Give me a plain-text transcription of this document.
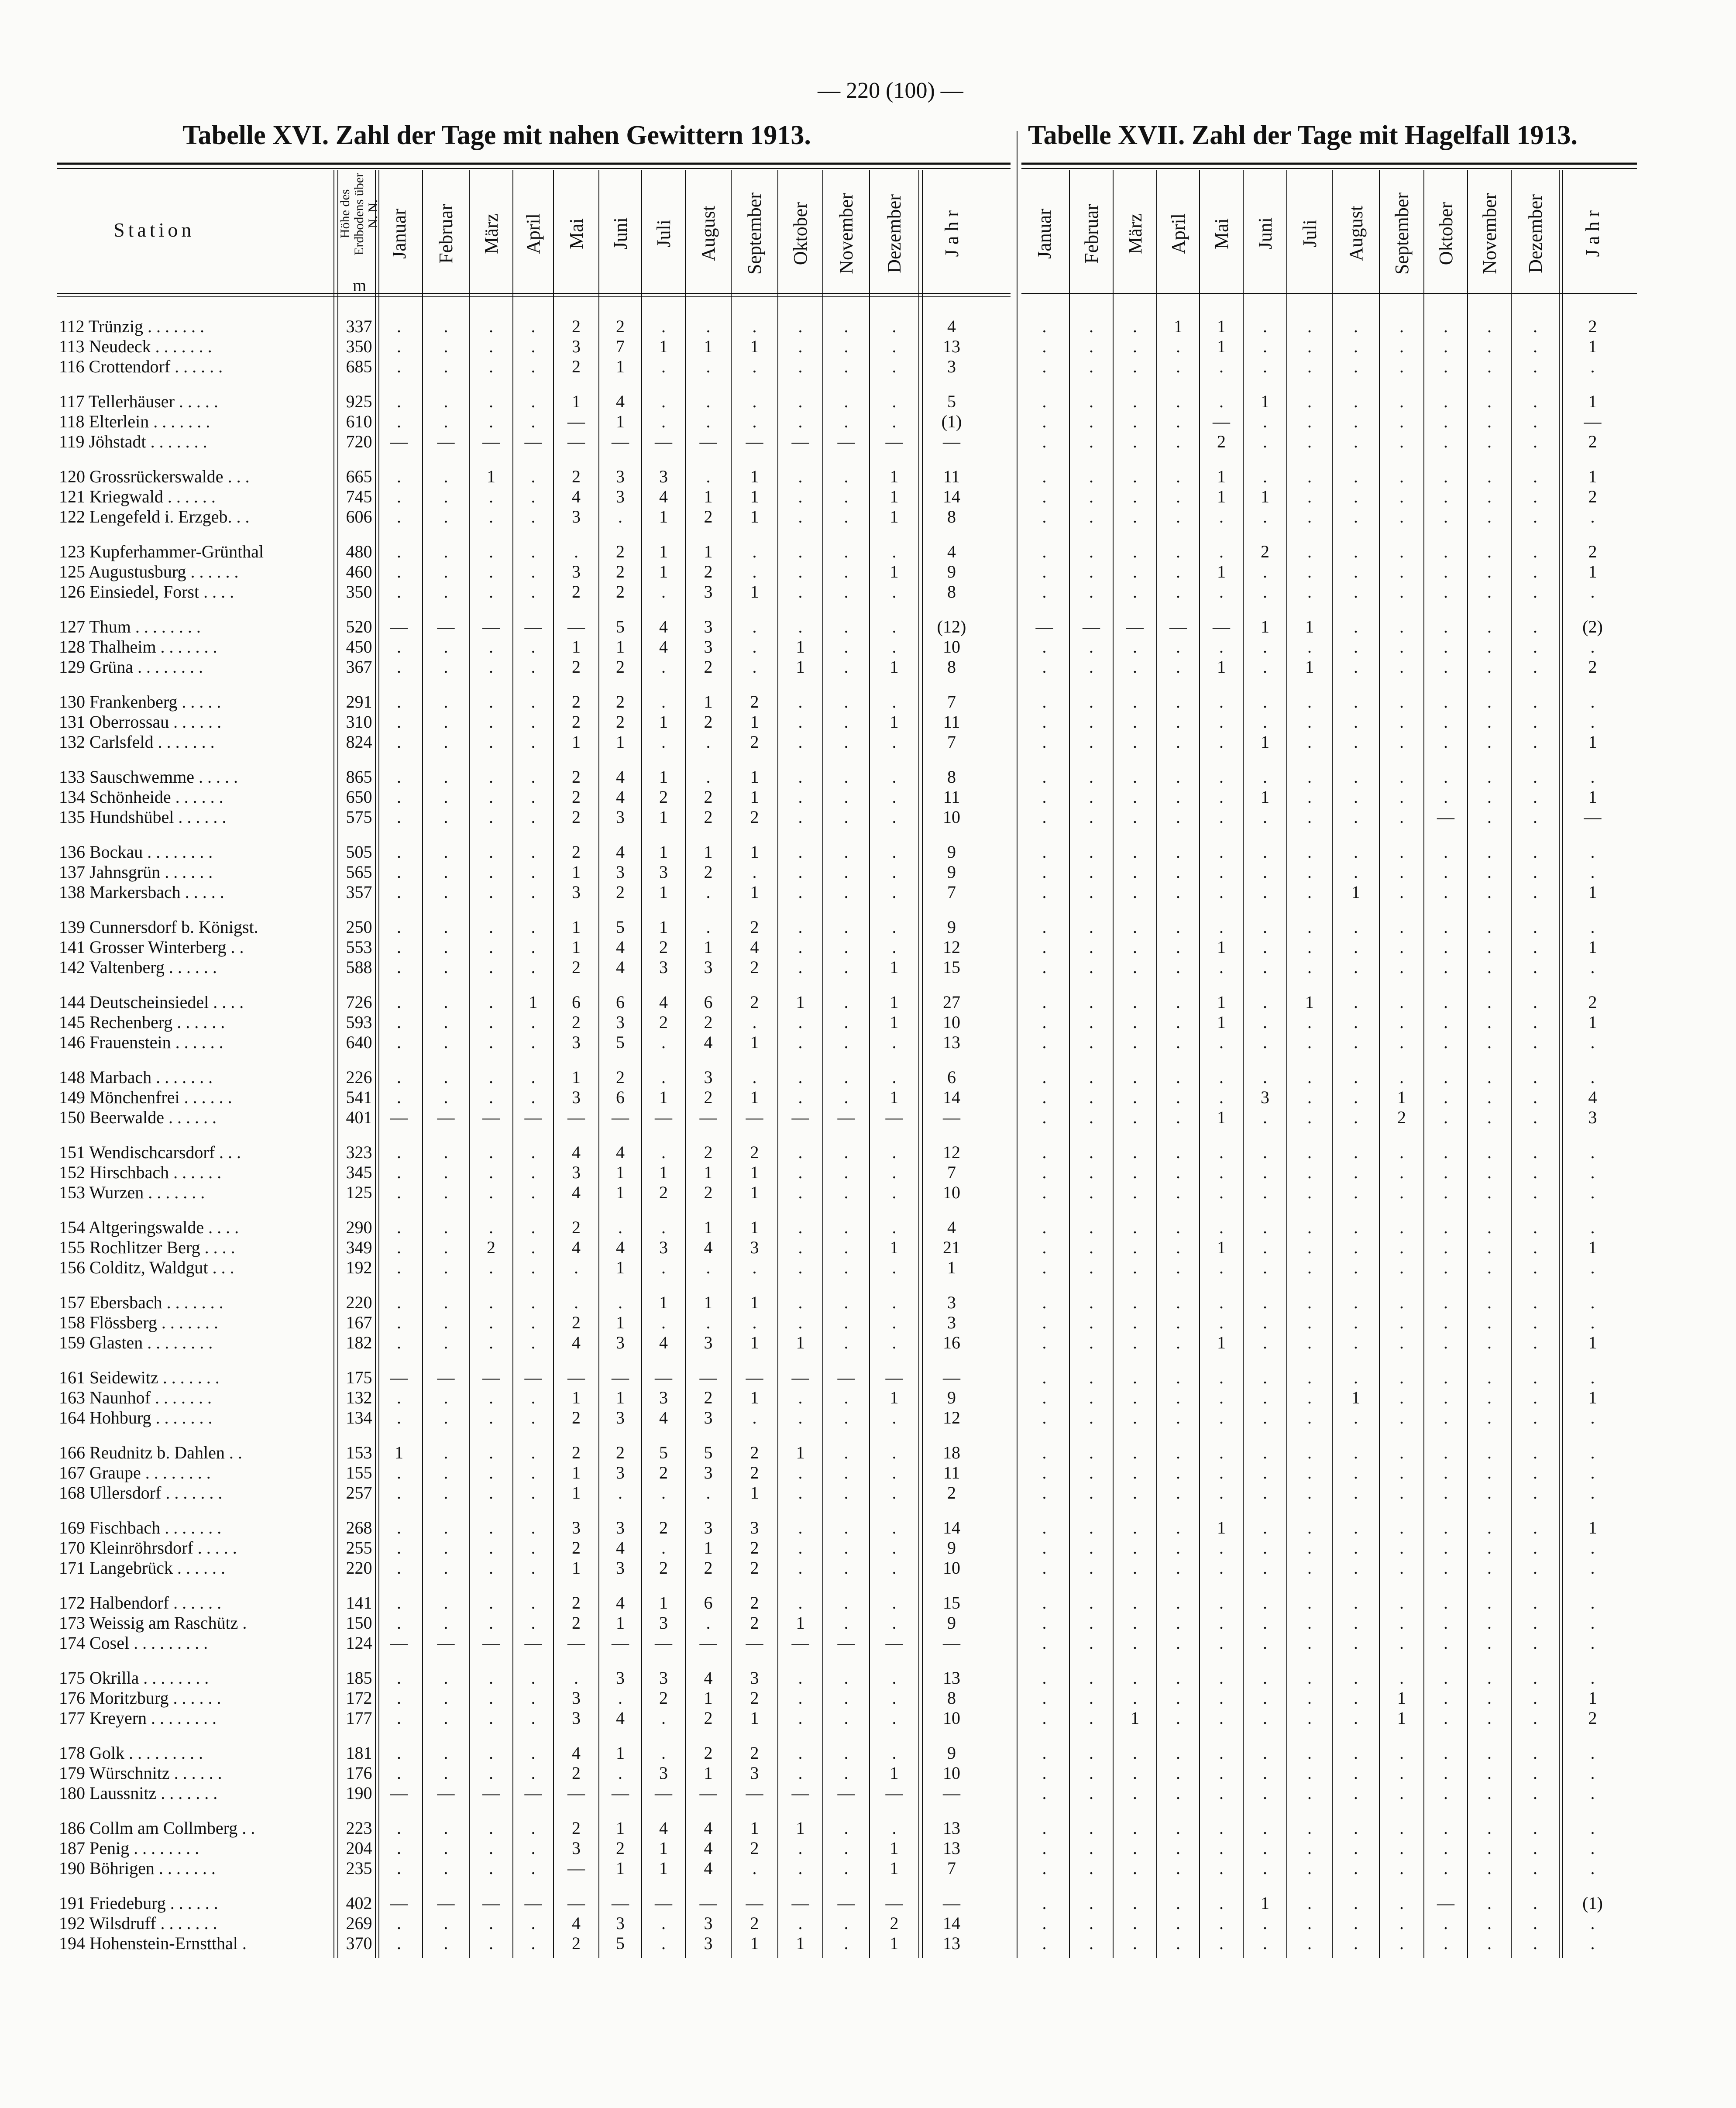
— 220 (100) —
Tabelle XVI. Zahl der Tage mit nahen Gewittern 1913.	Tabelle XVII. Zahl der Tage mit Hagelfall 1913.
Station	Höhe des Erdbodens über N. N.
m
Januar Februar März April Mai Juni Juli August September Oktober November Dezember J a h r	Januar Februar März April Mai Juni Juli August September Oktober November Dezember J a h r
112 Trünzig . . . . . . .	337	.	.	.	.	2	2	.	.	.	.	.	.	4	.	.	.	1	1	.	.	.	.	.	.	.	2
113 Neudeck . . . . . . .	350	.	.	.	.	3	7	1	1	1	.	.	.	13	.	.	.	.	1	.	.	.	.	.	.	.	1
116 Crottendorf . . . . . .	685	.	.	.	.	2	1	.	.	.	.	.	.	3	.	.	.	.	.	.	.	.	.	.	.	.	.
117 Tellerhäuser . . . . .	925	.	.	.	.	1	4	.	.	.	.	.	.	5	.	.	.	.	.	1	.	.	.	.	.	.	1
118 Elterlein . . . . . . .	610	.	.	.	.	—	1	.	.	.	.	.	.	(1)	.	.	.	.	—	.	.	.	.	.	.	.	—
119 Jöhstadt . . . . . . .	720	—	—	—	—	—	—	—	—	—	—	—	—	—	.	.	.	.	2	.	.	.	.	.	.	.	2
120 Grossrückerswalde . . .	665	.	.	1	.	2	3	3	.	1	.	.	1	11	.	.	.	.	1	.	.	.	.	.	.	.	1
121 Kriegwald . . . . . .	745	.	.	.	.	4	3	4	1	1	.	.	1	14	.	.	.	.	1	1	.	.	.	.	.	.	2
122 Lengefeld i. Erzgeb. . .	606	.	.	.	.	3	.	1	2	1	.	.	1	8	.	.	.	.	.	.	.	.	.	.	.	.	.
123 Kupferhammer-Grünthal	480	.	.	.	.	.	2	1	1	.	.	.	.	4	.	.	.	.	.	2	.	.	.	.	.	.	2
125 Augustusburg . . . . . .	460	.	.	.	.	3	2	1	2	.	.	.	1	9	.	.	.	.	1	.	.	.	.	.	.	.	1
126 Einsiedel, Forst . . . .	350	.	.	.	.	2	2	.	3	1	.	.	.	8	.	.	.	.	.	.	.	.	.	.	.	.	.
127 Thum . . . . . . . .	520	—	—	—	—	—	5	4	3	.	.	.	.	(12)	—	—	—	—	—	1	1	.	.	.	.	.	(2)
128 Thalheim . . . . . . .	450	.	.	.	.	1	1	4	3	.	1	.	.	10	.	.	.	.	.	.	.	.	.	.	.	.	.
129 Grüna . . . . . . . .	367	.	.	.	.	2	2	.	2	.	1	.	1	8	.	.	.	.	1	.	1	.	.	.	.	.	2
130 Frankenberg . . . . .	291	.	.	.	.	2	2	.	1	2	.	.	.	7	.	.	.	.	.	.	.	.	.	.	.	.	.
131 Oberrossau . . . . . .	310	.	.	.	.	2	2	1	2	1	.	.	1	11	.	.	.	.	.	.	.	.	.	.	.	.	.
132 Carlsfeld . . . . . . .	824	.	.	.	.	1	1	.	.	2	.	.	.	7	.	.	.	.	.	1	.	.	.	.	.	.	1
133 Sauschwemme . . . . .	865	.	.	.	.	2	4	1	.	1	.	.	.	8	.	.	.	.	.	.	.	.	.	.	.	.	.
134 Schönheide . . . . . .	650	.	.	.	.	2	4	2	2	1	.	.	.	11	.	.	.	.	.	1	.	.	.	.	.	.	1
135 Hundshübel . . . . . .	575	.	.	.	.	2	3	1	2	2	.	.	.	10	.	.	.	.	.	.	.	.	.	—	.	.	—
136 Bockau . . . . . . . .	505	.	.	.	.	2	4	1	1	1	.	.	.	9	.	.	.	.	.	.	.	.	.	.	.	.	.
137 Jahnsgrün . . . . . .	565	.	.	.	.	1	3	3	2	.	.	.	.	9	.	.	.	.	.	.	.	.	.	.	.	.	.
138 Markersbach . . . . .	357	.	.	.	.	3	2	1	.	1	.	.	.	7	.	.	.	.	.	.	.	1	.	.	.	.	1
139 Cunnersdorf b. Königst.	250	.	.	.	.	1	5	1	.	2	.	.	.	9	.	.	.	.	.	.	.	.	.	.	.	.	.
141 Grosser Winterberg . .	553	.	.	.	.	1	4	2	1	4	.	.	.	12	.	.	.	.	1	.	.	.	.	.	.	.	1
142 Valtenberg . . . . . .	588	.	.	.	.	2	4	3	3	2	.	.	1	15	.	.	.	.	.	.	.	.	.	.	.	.	.
144 Deutscheinsiedel . . . .	726	.	.	.	1	6	6	4	6	2	1	.	1	27	.	.	.	.	1	.	1	.	.	.	.	.	2
145 Rechenberg . . . . . .	593	.	.	.	.	2	3	2	2	.	.	.	1	10	.	.	.	.	1	.	.	.	.	.	.	.	1
146 Frauenstein . . . . . .	640	.	.	.	.	3	5	.	4	1	.	.	.	13	.	.	.	.	.	.	.	.	.	.	.	.	.
148 Marbach . . . . . . .	226	.	.	.	.	1	2	.	3	.	.	.	.	6	.	.	.	.	.	.	.	.	.	.	.	.	.
149 Mönchenfrei . . . . . .	541	.	.	.	.	3	6	1	2	1	.	.	1	14	.	.	.	.	.	3	.	.	1	.	.	.	4
150 Beerwalde . . . . . .	401	—	—	—	—	—	—	—	—	—	—	—	—	—	.	.	.	.	1	.	.	.	2	.	.	.	3
151 Wendischcarsdorf . . .	323	.	.	.	.	4	4	.	2	2	.	.	.	12	.	.	.	.	.	.	.	.	.	.	.	.	.
152 Hirschbach . . . . . .	345	.	.	.	.	3	1	1	1	1	.	.	.	7	.	.	.	.	.	.	.	.	.	.	.	.	.
153 Wurzen . . . . . . .	125	.	.	.	.	4	1	2	2	1	.	.	.	10	.	.	.	.	.	.	.	.	.	.	.	.	.
154 Altgeringswalde . . . .	290	.	.	.	.	2	.	.	1	1	.	.	.	4	.	.	.	.	.	.	.	.	.	.	.	.	.
155 Rochlitzer Berg . . . .	349	.	.	2	.	4	4	3	4	3	.	.	1	21	.	.	.	.	1	.	.	.	.	.	.	.	1
156 Colditz, Waldgut . . .	192	.	.	.	.	.	1	.	.	.	.	.	.	1	.	.	.	.	.	.	.	.	.	.	.	.	.
157 Ebersbach . . . . . . .	220	.	.	.	.	.	.	1	1	1	.	.	.	3	.	.	.	.	.	.	.	.	.	.	.	.	.
158 Flössberg . . . . . . .	167	.	.	.	.	2	1	.	.	.	.	.	.	3	.	.	.	.	.	.	.	.	.	.	.	.	.
159 Glasten . . . . . . . .	182	.	.	.	.	4	3	4	3	1	1	.	.	16	.	.	.	.	1	.	.	.	.	.	.	.	1
161 Seidewitz . . . . . . .	175	—	—	—	—	—	—	—	—	—	—	—	—	—	.	.	.	.	.	.	.	.	.	.	.	.	.
163 Naunhof . . . . . . .	132	.	.	.	.	1	1	3	2	1	.	.	1	9	.	.	.	.	.	.	.	1	.	.	.	.	1
164 Hohburg . . . . . . .	134	.	.	.	.	2	3	4	3	.	.	.	.	12	.	.	.	.	.	.	.	.	.	.	.	.	.
166 Reudnitz b. Dahlen . .	153	1	.	.	.	2	2	5	5	2	1	.	.	18	.	.	.	.	.	.	.	.	.	.	.	.	.
167 Graupe . . . . . . . .	155	.	.	.	.	1	3	2	3	2	.	.	.	11	.	.	.	.	.	.	.	.	.	.	.	.	.
168 Ullersdorf . . . . . . .	257	.	.	.	.	1	.	.	.	1	.	.	.	2	.	.	.	.	.	.	.	.	.	.	.	.	.
169 Fischbach . . . . . . .	268	.	.	.	.	3	3	2	3	3	.	.	.	14	.	.	.	.	1	.	.	.	.	.	.	.	1
170 Kleinröhrsdorf . . . . .	255	.	.	.	.	2	4	.	1	2	.	.	.	9	.	.	.	.	.	.	.	.	.	.	.	.	.
171 Langebrück . . . . . .	220	.	.	.	.	1	3	2	2	2	.	.	.	10	.	.	.	.	.	.	.	.	.	.	.	.	.
172 Halbendorf . . . . . .	141	.	.	.	.	2	4	1	6	2	.	.	.	15	.	.	.	.	.	.	.	.	.	.	.	.	.
173 Weissig am Raschütz .	150	.	.	.	.	2	1	3	.	2	1	.	.	9	.	.	.	.	.	.	.	.	.	.	.	.	.
174 Cosel . . . . . . . . .	124	—	—	—	—	—	—	—	—	—	—	—	—	—	.	.	.	.	.	.	.	.	.	.	.	.	.
175 Okrilla . . . . . . . .	185	.	.	.	.	.	3	3	4	3	.	.	.	13	.	.	.	.	.	.	.	.	.	.	.	.	.
176 Moritzburg . . . . . .	172	.	.	.	.	3	.	2	1	2	.	.	.	8	.	.	.	.	.	.	.	.	1	.	.	.	1
177 Kreyern . . . . . . . .	177	.	.	.	.	3	4	.	2	1	.	.	.	10	.	.	1	.	.	.	.	.	1	.	.	.	2
178 Golk . . . . . . . . .	181	.	.	.	.	4	1	.	2	2	.	.	.	9	.	.	.	.	.	.	.	.	.	.	.	.	.
179 Würschnitz . . . . . .	176	.	.	.	.	2	.	3	1	3	.	.	1	10	.	.	.	.	.	.	.	.	.	.	.	.	.
180 Laussnitz . . . . . . .	190	—	—	—	—	—	—	—	—	—	—	—	—	—	.	.	.	.	.	.	.	.	.	.	.	.	.
186 Collm am Collmberg . .	223	.	.	.	.	2	1	4	4	1	1	.	.	13	.	.	.	.	.	.	.	.	.	.	.	.	.
187 Penig . . . . . . . .	204	.	.	.	.	3	2	1	4	2	.	.	1	13	.	.	.	.	.	.	.	.	.	.	.	.	.
190 Böhrigen . . . . . . .	235	.	.	.	.	—	1	1	4	.	.	.	1	7	.	.	.	.	.	.	.	.	.	.	.	.	.
191 Friedeburg . . . . . .	402	—	—	—	—	—	—	—	—	—	—	—	—	—	.	.	.	.	.	1	.	.	.	—	.	.	(1)
192 Wilsdruff . . . . . . .	269	.	.	.	.	4	3	.	3	2	.	.	2	14	.	.	.	.	.	.	.	.	.	.	.	.	.
194 Hohenstein-Ernstthal .	370	.	.	.	.	2	5	.	3	1	1	.	1	13	.	.	.	.	.	.	.	.	.	.	.	.	.
